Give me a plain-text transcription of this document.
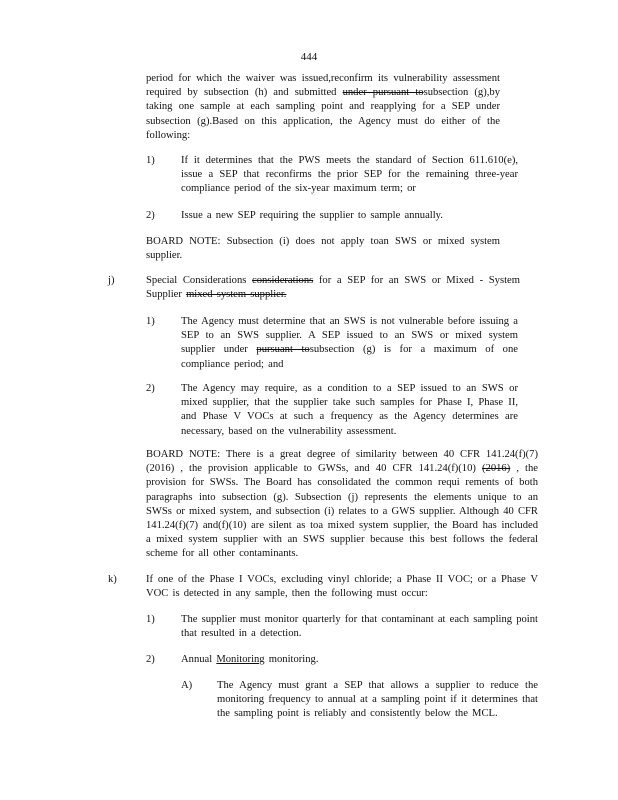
444
period for which the waiver was issued,reconfirm its vulnerability assessment required by subsection (h) and submitted under pursuant tosubsection (g),by taking one sample at each sampling point and reapplying for a SEP under subsection (g).Based on this application, the Agency must do either of the following:
1) If it determines that the PWS meets the standard of Section 611.610(e), issue a SEP that reconfirms the prior SEP for the remaining three-year compliance period of the six-year maximum term; or
2) Issue a new SEP requiring the supplier to sample annually.
BOARD NOTE: Subsection (i) does not apply toan SWS or mixed system supplier.
j)	Special Considerations considerations for a SEP for an SWS or Mixed - System Supplier mixed system supplier.
1) The Agency must determine that an SWS is not vulnerable before issuing a SEP to an SWS supplier. A SEP issued to an SWS or mixed system supplier under pursuant tosubsection (g) is for a maximum of one compliance period; and
2) The Agency may require, as a condition to a SEP issued to an SWS or mixed supplier, that the supplier take such samples for Phase I, Phase II, and Phase V VOCs at such a frequency as the Agency determines are necessary, based on the vulnerability assessment.
BOARD NOTE: There is a great degree of similarity between 40 CFR 141.24(f)(7) (2016) , the provision applicable to GWSs, and 40 CFR 141.24(f)(10) (2016) , the provision for SWSs. The Board has consolidated the common requi rements of both paragraphs into subsection (g). Subsection (j) represents the elements unique to an SWSs or mixed system, and subsection (i) relates to a GWS supplier. Although 40 CFR 141.24(f)(7) and(f)(10) are silent as toa mixed system supplier, the Board has included a mixed system supplier with an SWS supplier because this best follows the federal scheme for all other contaminants.
k)	If one of the Phase I VOCs, excluding vinyl chloride; a Phase II VOC; or a Phase V VOC is detected in any sample, then the following must occur:
1) The supplier must monitor quarterly for that contaminant at each sampling point that resulted in a detection.
2) Annual Monitoring monitoring.
A) The Agency must grant a SEP that allows a supplier to reduce the monitoring frequency to annual at a sampling point if it determines that the sampling point is reliably and consistently below the MCL.
